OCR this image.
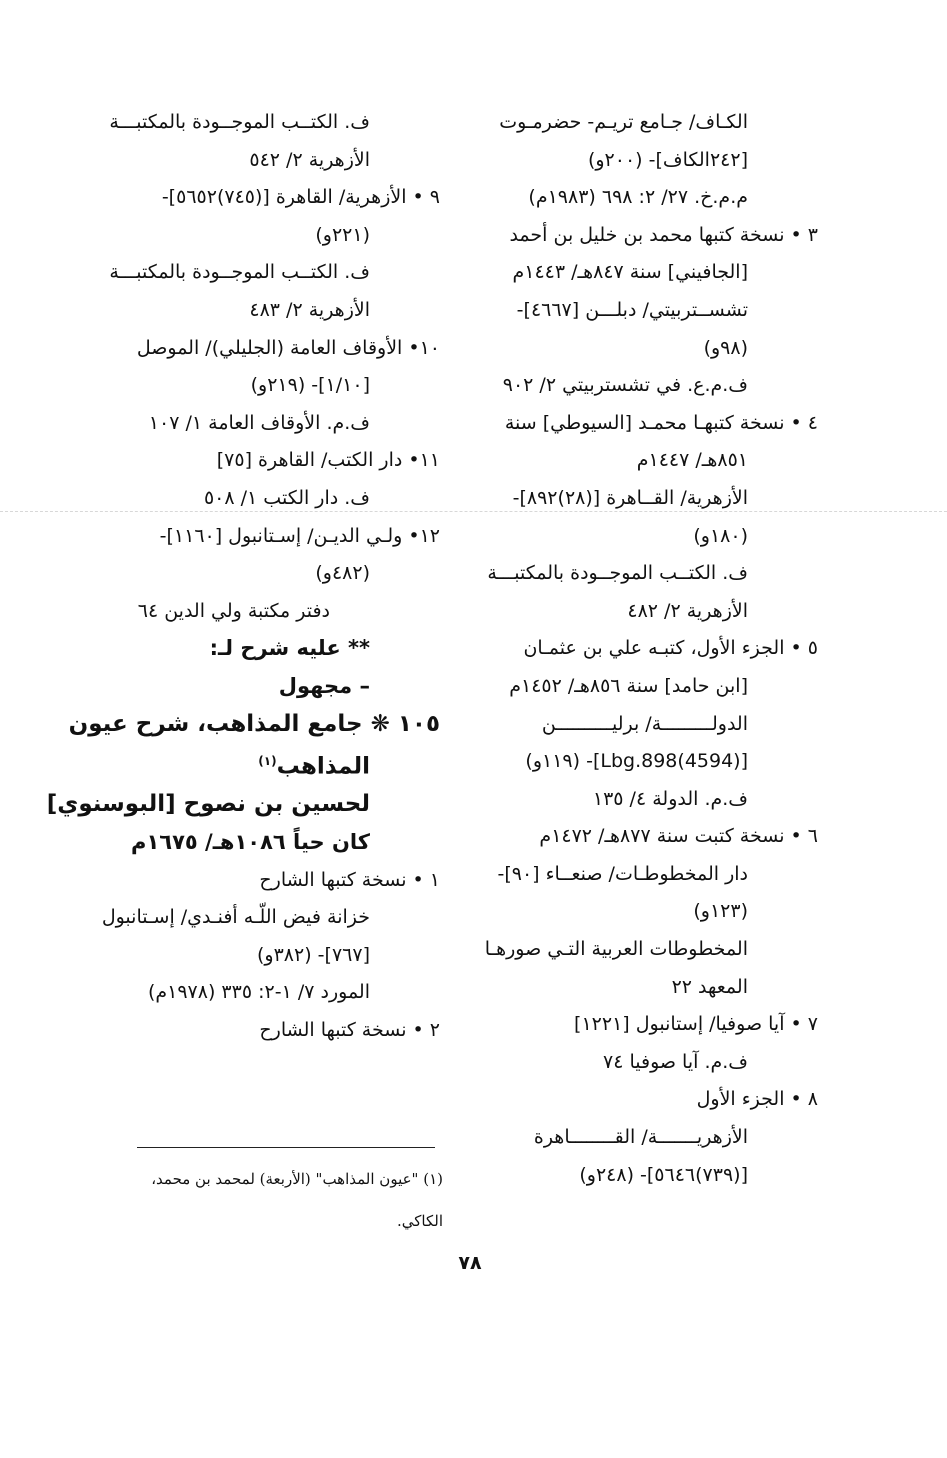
الكـاف/ جـامع تريـم- حضرمـوت
[٢٤٢الكاف]- (٢٠٠و)
م.م.خ. ٢٧/ ٢: ٦٩٨ (١٩٨٣م)
٣ • نسخة كتبها محمد بن خليل بن أحمد
[الجافيني] سنة ٨٤٧هـ/ ١٤٤٣م
تشســتربيتي/ دبلـــن [٤٦٦٧]-
(٩٨و)
ف.م.ع. في تشستربيتي ٢/ ٩٠٢
٤ • نسخة كتبهـا محمـد [السيوطي] سنة
٨٥١هـ/ ١٤٤٧م
الأزهرية/ القــاهرة [(٢٨)٨٩٢]-
(١٨٠و)
ف. الكتــب الموجــودة بالمكتبـــة
الأزهرية ٢/ ٤٨٢
٥ • الجزء الأول، كتبـه علي بن عثمـان
[ابن حامد] سنة ٨٥٦هـ/ ١٤٥٢م
الدولـــــــــة/ برليــــــــــن
[(4594)Lbg.898]- (١١٩و)
ف.م. الدولة ٤/ ١٣٥
٦ • نسخة كتبت سنة ٨٧٧هـ/ ١٤٧٢م
دار المخطوطـات/ صنعــاء [٩٠]-
(١٢٣و)
المخطوطات العربية التـي صورهـا
المعهد ٢٢
٧ • آيا صوفيا/ إستانبول [١٢٢١]
ف.م. آيا صوفيا ٧٤
٨ • الجزء الأول
الأزهريـــــــة/ القــــــــاهرة
[(٧٣٩)٥٦٤٦]- (٢٤٨و)
ف. الكتــب الموجــودة بالمكتبـــة
الأزهرية ٢/ ٥٤٢
٩ • الأزهرية/ القاهرة [(٧٤٥)٥٦٥٢]-
(٢٢١و)
ف. الكتــب الموجــودة بالمكتبـــة
الأزهرية ٢/ ٤٨٣
١٠• الأوقاف العامة (الجليلي)/ الموصل
[١/١٠]- (٢١٩و)
ف.م. الأوقاف العامة ١/ ١٠٧
١١• دار الكتب/ القاهرة [٧٥]
ف. دار الكتب ١/ ٥٠٨
١٢• ولـي الديـن/ إسـتانبول [١١٦٠]-
(٤٨٢و)
دفتر مكتبة ولي الدين ٦٤
** عليه شرح لـ:
– مجهول
١٠٥ ❋ جامع المذاهب، شرح عيون
المذاهب$^{(١)}$
لحسين بن نصوح [البوسنوي]
كان حياً ١٠٨٦هـ/ ١٦٧٥م
١ • نسخة كتبها الشارح
خزانة فيض اللّـه أفنـدي/ إسـتانبول
[٧٦٧]- (٣٨٢و)
المورد ٧/ ١-٢: ٣٣٥ (١٩٧٨م)
٢ • نسخة كتبها الشارح
(١) "عيون المذاهب" (الأربعة) لمحمد بن محمد،
الكاكي.
٧٨
